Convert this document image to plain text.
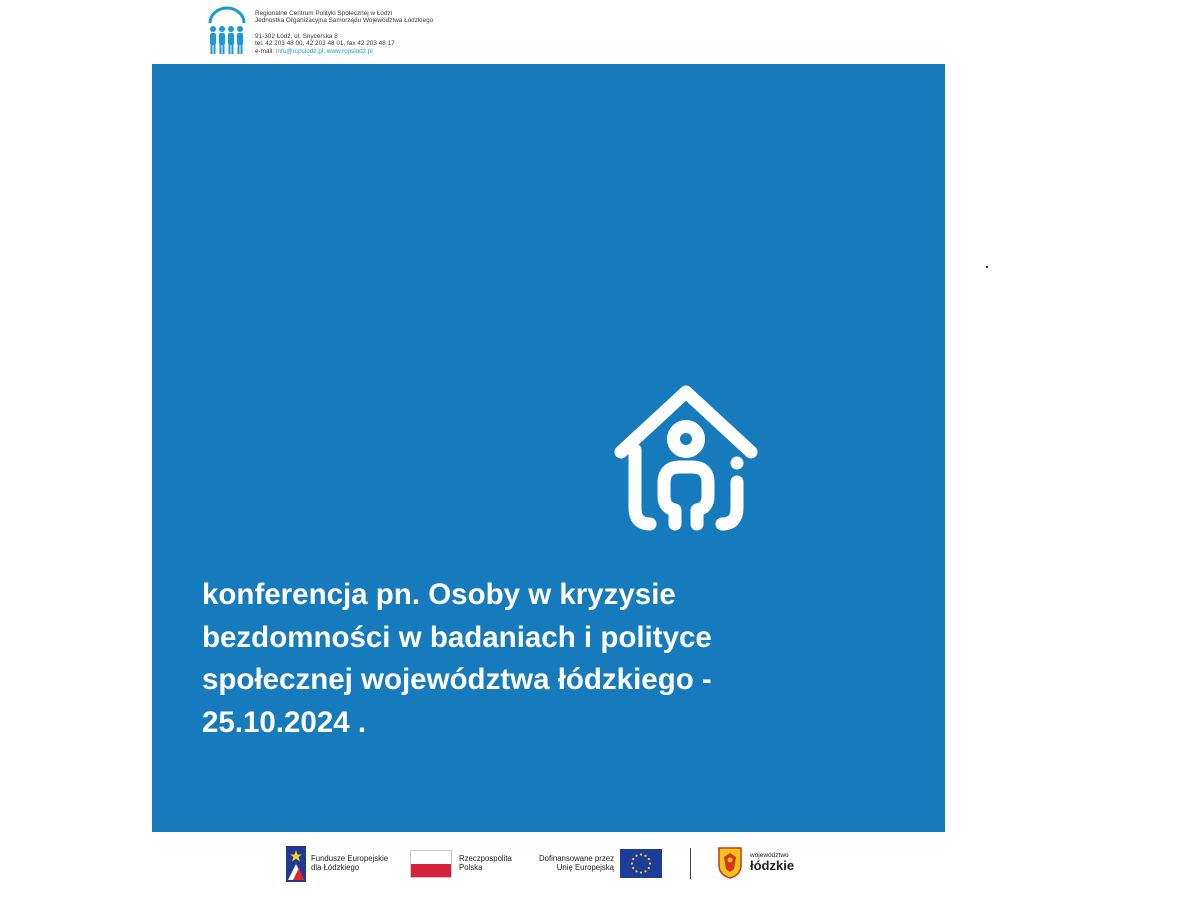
Regionalne Centrum Polityki Społecznej w Łodzi
Jednostka Organizacyjna Samorządu Województwa Łódzkiego
91-302 Łódź, ul. Snycerska 8
tel. 42 203 48 00, 42 203 48 01, fax 42 203 48 17
e-mail: info@rcpslodz.pl; www.rcpslodz.pl
konferencja pn. Osoby w kryzysie bezdomności w badaniach i polityce społecznej województwa łódzkiego - 25.10.2024 .
Fundusze Europejskie
dla Łódzkiego
Rzeczpospolita
Polska
Dofinansowane przez
Unię Europejską
województwo
łódzkie
